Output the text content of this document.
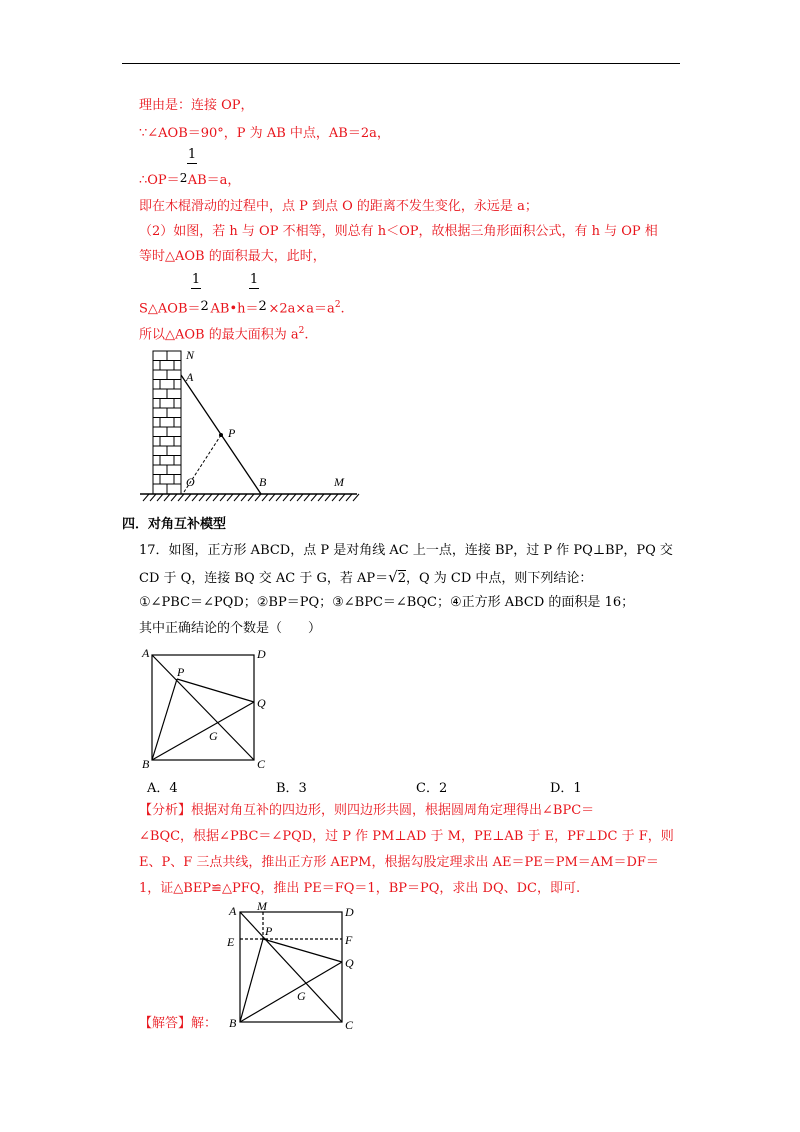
理由是：连接 OP，
∵∠AOB＝90°，P 为 AB 中点，AB＝2a，
1
∴OP＝2AB＝a，
即在木棍滑动的过程中，点 P 到点 O 的距离不发生变化，永远是 a；
（2）如图，若 h 与 OP 不相等，则总有 h＜OP，故根据三角形面积公式，有 h 与 OP 相
等时△AOB 的面积最大，此时，
1	1
S△AOB＝2 AB•h＝2 $\times 2a\times a=a^2$.
所以△AOB 的最大面积为 $a^2$.
N
A
P
O	B	M
四．对角互补模型
17．如图，正方形 ABCD，点 P 是对角线 AC 上一点，连接 BP，过 P 作 PQ⊥BP，PQ 交
CD 于 Q，连接 BQ 交 AC 于 G，若 AP＝√2，Q 为 CD 中点，则下列结论：
①∠PBC＝∠PQD；②BP＝PQ；③∠BPC＝∠BQC；④正方形 ABCD 的面积是 16；
其中正确结论的个数是（　　）
A	D
P
Q
G
B	C
A．4	B．3	C．2	D．1
【分析】根据对角互补的四边形，则四边形共圆，根据圆周角定理得出∠BPC＝
∠BQC，根据∠PBC＝∠PQD，过 P 作 PM⊥AD 于 M，PE⊥AB 于 E，PF⊥DC 于 F，则
E、P、F 三点共线，推出正方形 AEPM，根据勾股定理求出 AE＝PE＝PM＝AM＝DF＝
1，证△BEP≌△PFQ，推出 PE＝FQ＝1，BP＝PQ，求出 DQ、DC，即可.
A M	D
E
P
F
Q
G
B	C
【解答】解：
